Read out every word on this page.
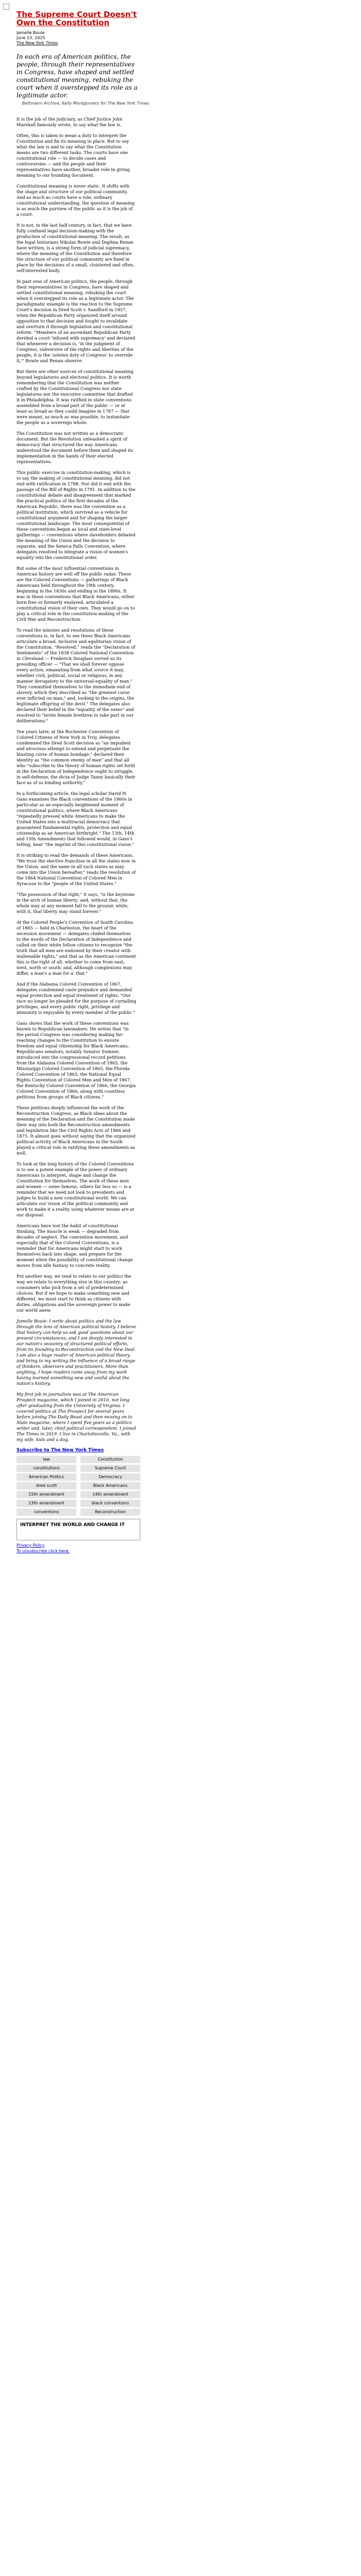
The Supreme Court Doesn't Own the Constitution
Jamelle Bouie
June 13, 2025
The New York Times
In each era of American politics, the people, through their representatives in Congress, have shaped and settled constitutional meaning, rebuking the court when it overstepped its role as a legitimate actor.
Bettmann Archive, Kelly Montgomery for The New York Times

It is the job of the judiciary, as Chief Justice John Marshall famously wrote, to say what the law is.

Often, this is taken to mean a duty to interpret the Constitution and fix its meaning in place. But to say what the law is and to say what the Constitution means are two different tasks. The courts have one constitutional role — to decide cases and controversies — and the people and their representatives have another, broader role in giving meaning to our founding document.

Constitutional meaning is never static. It shifts with the shape and structure of our political community. And as much as courts have a role, ordinary constitutional understanding, the question of meaning is as much the purview of the public as it is the job of a court.

It is not, in the last half-century, in fact, that we have fully confined legal decision-making with the production of constitutional meaning. The result, as the legal historians Nikolas Bowie and Daphna Renan have written, is a strong form of judicial supremacy, where the meaning of the Constitution and therefore the structure of our political community are fixed in place by the decisions of a small, cloistered and often, self-interested body.

In past eras of American politics, the people, through their representatives in Congress, have shaped and settled constitutional meaning, rebuking the court when it overstepped its role as a legitimate actor. The paradigmatic example is the reaction to the Supreme Court's decision in Dred Scott v. Sandford in 1857, when the Republican Party organized itself around opposition to that decision and fought to invalidate and overturn it through legislation and constitutional reform. "Members of an ascendant Republican Party derided a court 'infused with supremacy' and declared that whenever a decision is, 'in the judgment of Congress, subversive of the rights and liberties of the people, it is the 'solemn duty of Congress' to override it,'" Bowie and Renan observe.

But there are other sources of constitutional meaning beyond legislatures and electoral politics. It is worth remembering that the Constitution was neither crafted by the Constitutional Congress nor state legislatures nor the executive committee that drafted it in Philadelphia. It was ratified in state conventions assembled from a broad part of the public — or at least as broad as they could imagine in 1787 — that were meant, as much as was possible, to instantiate the people as a sovereign whole.

The Constitution was not written as a democratic document. But the Revolution unleashed a spirit of democracy that structured the way Americans understood the document before them and shaped its implementation in the hands of their elected representatives.

This public exercise in constitution-making, which is to say the making of constitutional meaning, did not end with ratification in 1788. Nor did it end with the passage of the Bill of Rights in 1791. In addition to the constitutional debate and disagreement that marked the practical politics of the first decades of the American Republic, there was the convention as a political institution, which survived as a vehicle for constitutional argument and for shaping the larger constitutional landscape. The most consequential of these conventions began as local and state-level gatherings — conventions where slaveholders debated the meaning of the Union and the decision to separate, and the Seneca Falls Convention, where delegates resolved to integrate a vision of women's equality into the constitutional order.

But some of the most influential conventions in American history are well off the public radar. These are the Colored Conventions — gatherings of Black Americans held throughout the 19th century, beginning in the 1830s and ending in the 1890s. It was in these conventions that Black Americans, either born free or formerly enslaved, articulated a constitutional vision of their own. They would go on to play a critical role in the constitution-making of the Civil War and Reconstruction.

To read the minutes and resolutions of these conventions is, in fact, to see these Black Americans articulate a broad, inclusive and egalitarian vision of the Constitution. "Resolved," reads the "Declaration of Sentiments" of the 1838 Colored National Convention in Cleveland — Frederick Douglass served as its presiding officer — "That we shall forever oppose every action, emanating from what source it may, whether civil, political, social or religious, in any manner derogatory to the universal equality of man." They committed themselves to the immediate end of slavery, which they described as "the greatest curse ever inflicted on man," and, looking to the origins, the legitimate offspring of the devil." The delegates also declared their belief in the "equality of the sexes" and resolved to "invite female brethren to take part in our deliberations."

Ten years later, at the Rochester Convention of Colored Citizens of New York in Troy, delegates condemned the Dred Scott decision as "an impudent and atrocious attempt to extend and perpetuate the blasting curse of human bondage," declared their identity as "the common enemy of man" and that all who "subscribe to the theory of human rights set forth in the Declaration of Independence ought to struggle, in self-defense, the dicta of Judge Taney basically their face as of so binding authority."

In a forthcoming article, the legal scholar David H. Gans examines the Black conventions of the 1860s in particular as an especially heightened moment of constitutional politics, where Black Americans "repeatedly pressed white Americans to make the United States into a multiracial democracy that guaranteed fundamental rights, protection and equal citizenship as an American birthright." The 13th, 14th and 15th Amendments that followed would, in Gans's telling, bear "the imprint of this constitutional vision."

It is striking to read the demands of these Americans. "We trust the elective franchise in all the states now in the Union, and the same in all such states as may come into the Union hereafter," reads the resolution of the 1864 National Convention of Colored Men in Syracuse to the "people of the United States."

"The possession of that right," it says, "is the keystone in the arch of human liberty: and, without that, the whole may at any moment fall to the ground; while, with it, that liberty may stand forever."

At the Colored People's Convention of South Carolina of 1865 — held in Charleston, the heart of the secession movement — delegates chided themselves to the words of the Declaration of Independence and called on their white fellow citizens to recognize "the truth that all men are endowed by their creator with inalienable rights," and that as the American continent this is the right of all, whether to come from east, west, north or south; and, although complexions may differ, a man's a man for a' that."

And if the Alabama Colored Convention of 1867, delegates condemned caste prejudice and demanded equal protection and equal treatment of rights: "Our race no longer be pleaded for the purpose of curtailing privileges, and every public right, privilege and immunity is enjoyable by every member of the public."

Gans shows that the work of these conventions was known to Republican lawmakers. He writes that "in the period Congress was considering making far-reaching changes to the Constitution to ensure freedom and equal citizenship for Black Americans, Republicans senators, notably Senator Sumner, introduced into the congressional record petitions from the Alabama Colored Convention of 1865, the Mississippi Colored Convention of 1865, the Florida Colored Convention of 1865, the National Equal Rights Convention of Colored Men and Men of 1867, the Kentucky Colored Convention of 1866, the Georgia Colored Convention of 1866, along with countless petitions from groups of Black citizens."

These petitions deeply influenced the work of the Reconstruction Congress, as Black ideas about the meaning of the Declaration and the Constitution made their way into both the Reconstruction amendments and legislation like the Civil Rights Acts of 1866 and 1875. It almost goes without saying that the organized political activity of Black Americans in the South played a critical role in ratifying these amendments as well.

To look at the long history of the Colored Conventions is to see a potent example of the power of ordinary Americans to interpret, shape and change the Constitution for themselves. The work of these men and women — some famous, others far less so — is a reminder that we need not look to presidents and judges to build a new constitutional world. We can articulate our vision of the political community and work to make it a reality using whatever means are at our disposal.

Americans have lost the habit of constitutional thinking. The muscle is weak — degraded from decades of neglect. The convention movement, and especially that of the Colored Conventions, is a reminder that for Americans might start to work themselves back into shape, and prepare for the moment when the possibility of constitutional change moves from idle fantasy to concrete reality.

Put another way, we tend to relate to our politics the way we relate to everything else in this country: as consumers who pick from a set of predetermined choices. But if we hope to make something new and different, we must start to think as citizens with duties, obligations and the sovereign power to make our world anew.

Jamelle Bouie: I write about politics and the law through the lens of American political history. I believe that history can help us ask good questions about our present circumstances, and I am deeply interested in our nation's seasonry of structured political efforts, from its founding to Reconstruction and the New Deal. I am also a huge reader of American political theory and bring to my writing the influence of a broad range of thinkers, observers and practitioners. More than anything, I hope readers come away from my work having learned something new and useful about the nation's history.

My first job in journalism was at The American Prospect magazine, which I joined in 2010, not long after graduating from the University of Virginia. I covered politics at The Prospect for several years before joining The Daily Beast and then moving on to Slate magazine, where I spent five years as a politics writer and, later, chief political correspondent. I joined The Times in 2019. I live in Charlottesville, Va., with my wife, kids and a dog.

Subscribe to The New York Times
law	Constitution
constitutions	Supreme Court
American Politics	Democracy
dred scott	Black Americans
15th amendment	14th amendment
13th amendment	black conventions
conventions	Reconstruction
INTERPRET THE WORLD AND CHANGE IT
Privacy Policy
To unsubscribe click here.
